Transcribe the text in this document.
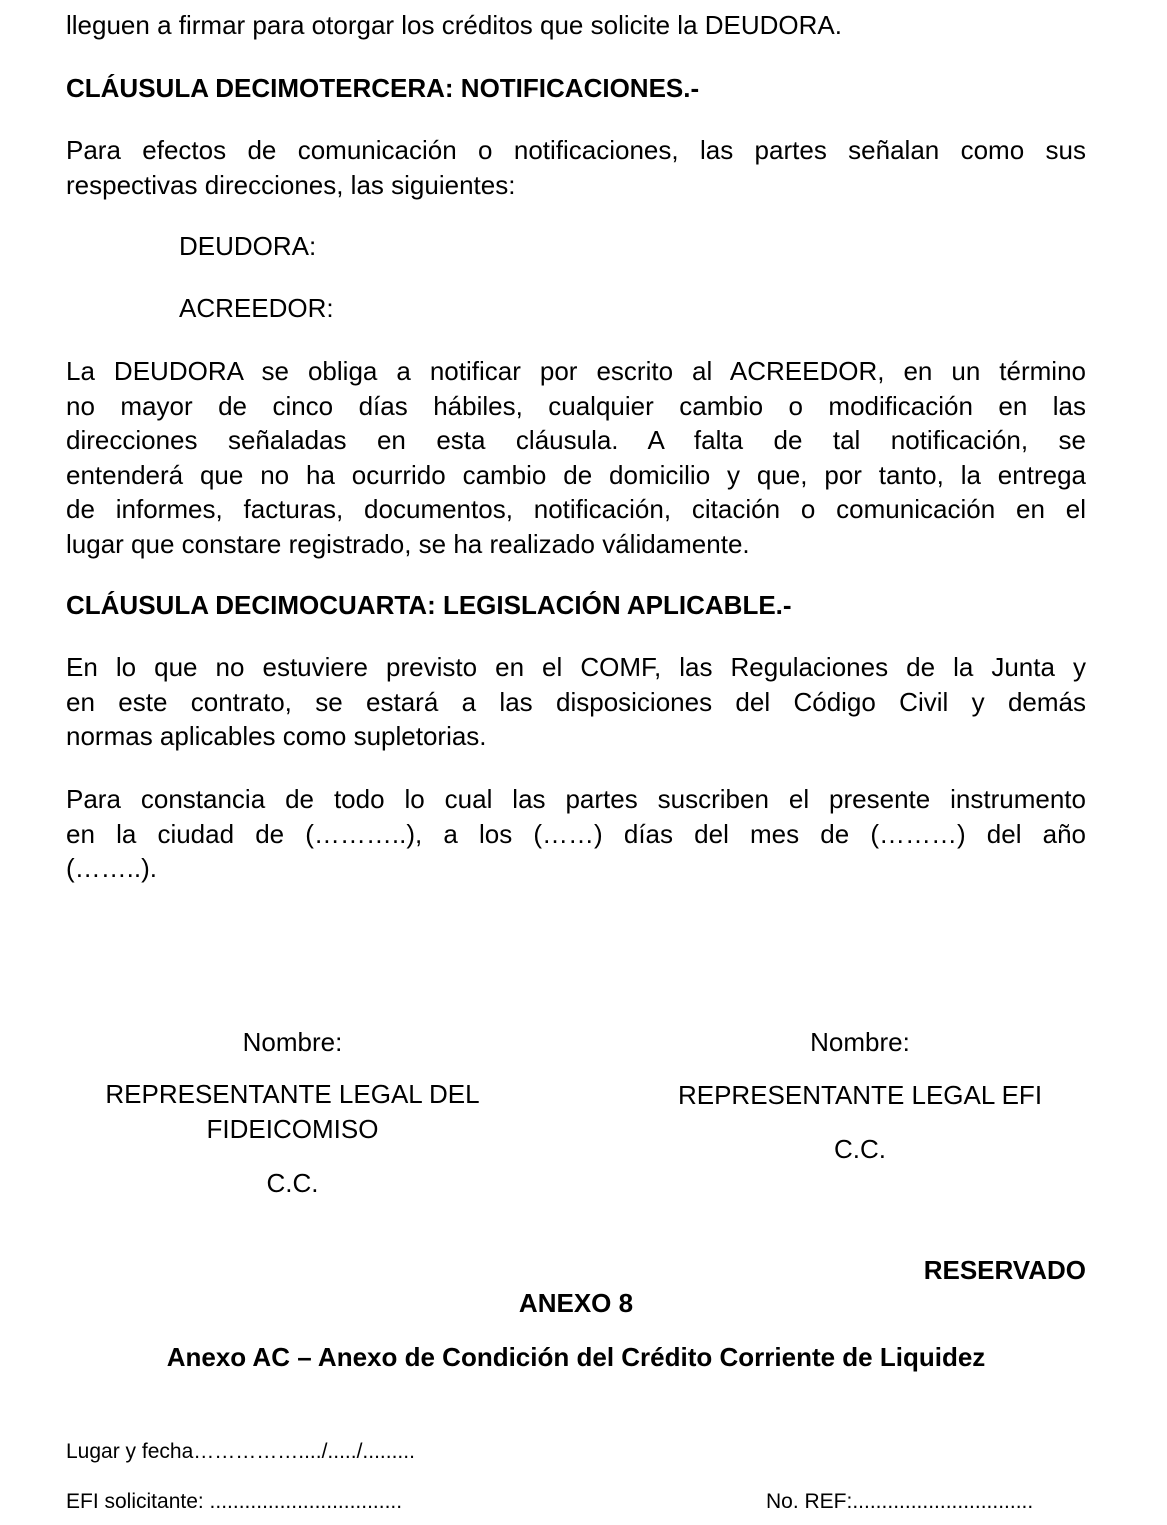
lleguen a firmar para otorgar los créditos que solicite la DEUDORA.
CLÁUSULA DECIMOTERCERA: NOTIFICACIONES.-
Para efectos de comunicación o notificaciones, las partes señalan como sus
respectivas direcciones, las siguientes:
DEUDORA:
ACREEDOR:
La DEUDORA se obliga a notificar por escrito al ACREEDOR, en un término
no mayor de cinco días hábiles, cualquier cambio o modificación en las
direcciones señaladas en esta cláusula. A falta de tal notificación, se
entenderá que no ha ocurrido cambio de domicilio y que, por tanto, la entrega
de informes, facturas, documentos, notificación, citación o comunicación en el
lugar que constare registrado, se ha realizado válidamente.
CLÁUSULA DECIMOCUARTA: LEGISLACIÓN APLICABLE.-
En lo que no estuviere previsto en el COMF, las Regulaciones de la Junta y
en este contrato, se estará a las disposiciones del Código Civil y demás
normas aplicables como supletorias.
Para constancia de todo lo cual las partes suscriben el presente instrumento
en la ciudad de (………..), a los (……) días del mes de (………) del año
(……..).
Nombre:
REPRESENTANTE LEGAL DEL
FIDEICOMISO
C.C.
Nombre:
REPRESENTANTE LEGAL EFI
C.C.
RESERVADO
ANEXO 8
Anexo AC – Anexo de Condición del Crédito Corriente de Liquidez
Lugar y fecha……………..../...../.........
EFI solicitante: .................................	No. REF:...............................
